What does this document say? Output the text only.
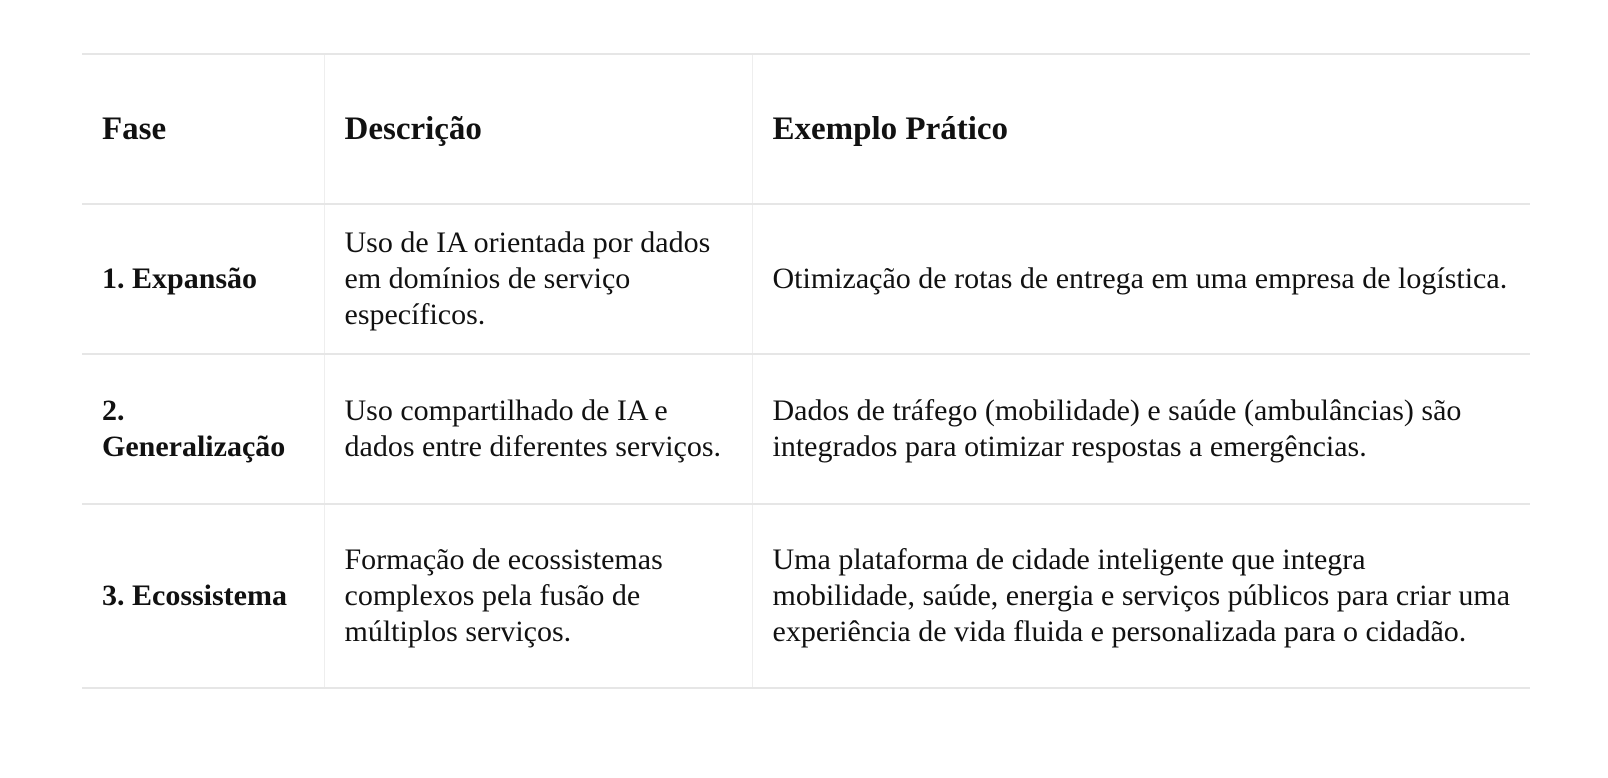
Fase	Descrição	Exemplo Prático
1. Expansão	Uso de IA orientada por dados em domínios de serviço específicos.	Otimização de rotas de entrega em uma empresa de logística.
2. Generalização	Uso compartilhado de IA e dados entre diferentes serviços.	Dados de tráfego (mobilidade) e saúde (ambulâncias) são integrados para otimizar respostas a emergências.
3. Ecossistema	Formação de ecossistemas complexos pela fusão de múltiplos serviços.	Uma plataforma de cidade inteligente que integra mobilidade, saúde, energia e serviços públicos para criar uma experiência de vida fluida e personalizada para o cidadão.
